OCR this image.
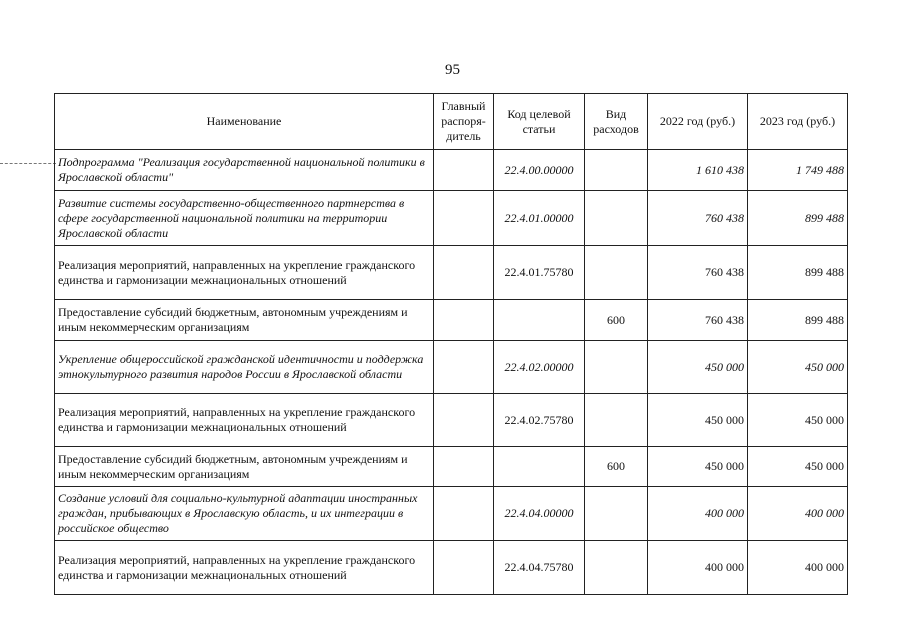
95
Наименование	Главный распоря-дитель	Код целевой статьи	Вид расходов	2022 год (руб.)	2023 год (руб.)
Подпрограмма "Реализация государственной национальной политики в Ярославской области"		22.4.00.00000		1 610 438	1 749 488
Развитие системы государственно-общественного партнерства в сфере государственной национальной политики на территории Ярославской области		22.4.01.00000		760 438	899 488
Реализация мероприятий, направленных на укрепление гражданского единства и гармонизации межнациональных отношений		22.4.01.75780		760 438	899 488
Предоставление субсидий бюджетным, автономным учреждениям и иным некоммерческим организациям			600	760 438	899 488
Укрепление общероссийской гражданской идентичности и поддержка этнокультурного развития народов России в Ярославской области		22.4.02.00000		450 000	450 000
Реализация мероприятий, направленных на укрепление гражданского единства и гармонизации межнациональных отношений		22.4.02.75780		450 000	450 000
Предоставление субсидий бюджетным, автономным учреждениям и иным некоммерческим организациям			600	450 000	450 000
Создание условий для социально-культурной адаптации иностранных граждан, прибывающих в Ярославскую область, и их интеграции в российское общество		22.4.04.00000		400 000	400 000
Реализация мероприятий, направленных на укрепление гражданского единства и гармонизации межнациональных отношений		22.4.04.75780		400 000	400 000
